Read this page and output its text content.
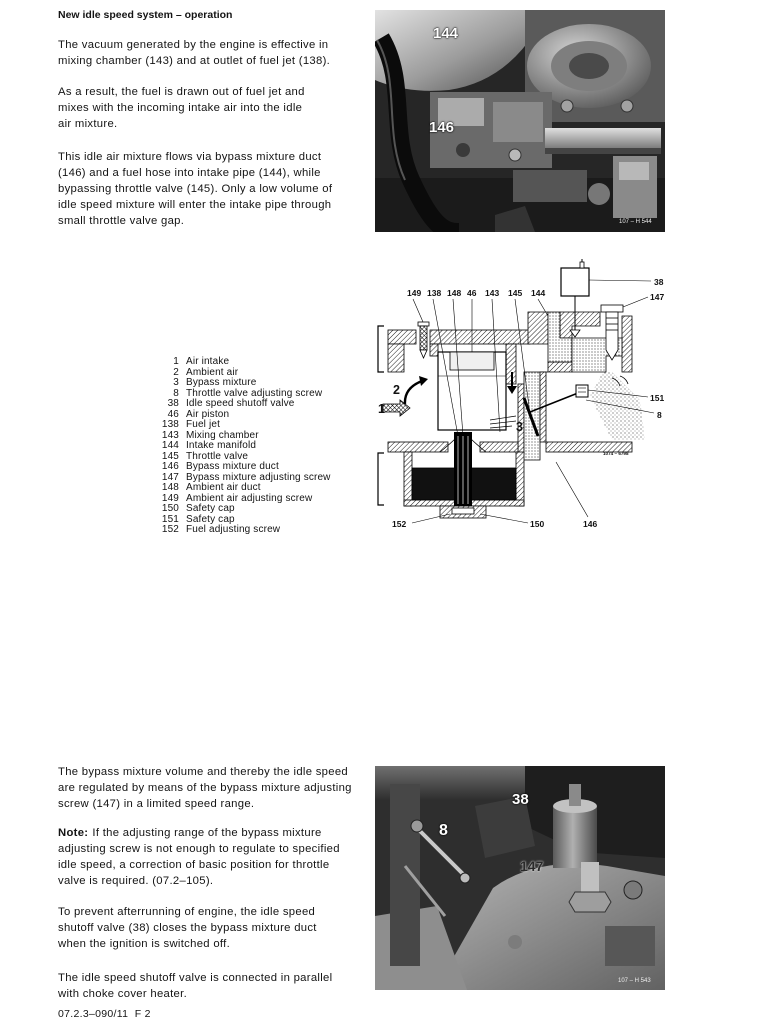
New idle speed system – operation
The vacuum generated by the engine is effective in
mixing chamber (143) and at outlet of fuel jet (138).
As a result, the fuel is drawn out of fuel jet and
mixes with the incoming intake air into the idle
air mixture.
This idle air mixture flows via bypass mixture duct
(146) and a fuel hose into intake pipe (144), while
bypassing throttle valve (145). Only a low volume of
idle speed mixture will enter the intake pipe through
small throttle valve gap.
144
146
107 – H 544
149 138 148 46 143 145 144
38
147
151
8
152	150	146
1
2
3
1074 – 6798
1 Air intake
2 Ambient air
3 Bypass mixture
8 Throttle valve adjusting screw
38 Idle speed shutoff valve
46 Air piston
138 Fuel jet
143 Mixing chamber
144 Intake manifold
145 Throttle valve
146 Bypass mixture duct
147 Bypass mixture adjusting screw
148 Ambient air duct
149 Ambient air adjusting screw
150 Safety cap
151 Safety cap
152 Fuel adjusting screw
The bypass mixture volume and thereby the idle speed
are regulated by means of the bypass mixture adjusting
screw (147) in a limited speed range.
Note: If the adjusting range of the bypass mixture
adjusting screw is not enough to regulate to specified
idle speed, a correction of basic position for throttle
valve is required. (07.2–105).
To prevent afterrunning of engine, the idle speed
shutoff valve (38) closes the bypass mixture duct
when the ignition is switched off.
The idle speed shutoff valve is connected in parallel
with choke cover heater.
38
8
147
107 – H 543
07.2.3–090/11  F 2
